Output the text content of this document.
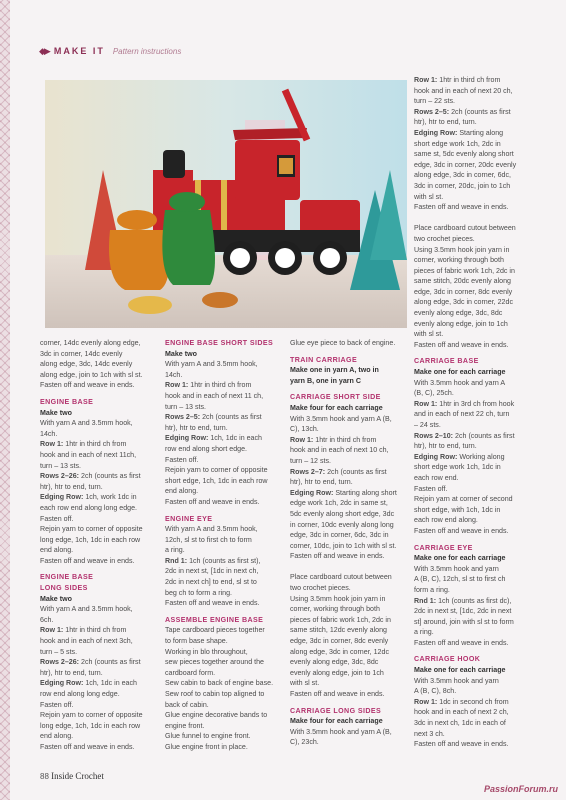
◆▶ MAKE IT Pattern instructions

corner, 14dc evenly along edge,

3dc in corner, 14dc evenly

along edge, 3dc, 14dc evenly

along edge, join to 1ch with sl st.

Fasten off and weave in ends.

ENGINE BASE

Make two

With yarn A and 3.5mm hook,

14ch.

Row 1: 1htr in third ch from

hook and in each of next 11ch,

turn – 13 sts.

Rows 2–26: 2ch (counts as first

htr), htr to end, turn.

Edging Row: 1ch, work 1dc in

each row end along long edge.

Fasten off.

Rejoin yarn to corner of opposite

long edge, 1ch, 1dc in each row

end along.

Fasten off and weave in ends.

ENGINE BASE

LONG SIDES

Make two

With yarn A and 3.5mm hook,

6ch.

Row 1: 1htr in third ch from

hook and in each of next 3ch,

turn – 5 sts.

Rows 2–26: 2ch (counts as first

htr), htr to end, turn.

Edging Row: 1ch, 1dc in each

row end along long edge.

Fasten off.

Rejoin yarn to corner of opposite

long edge, 1ch, 1dc in each row

end along.

Fasten off and weave in ends.

ENGINE BASE SHORT SIDES

Make two

With yarn A and 3.5mm hook,

14ch.

Row 1: 1htr in third ch from

hook and in each of next 11 ch,

turn – 13 sts.

Rows 2–5: 2ch (counts as first

htr), htr to end, turn.

Edging Row: 1ch, 1dc in each

row end along short edge.

Fasten off.

Rejoin yarn to corner of opposite

short edge, 1ch, 1dc in each row

end along.

Fasten off and weave in ends.

ENGINE EYE

With yarn A and 3.5mm hook,

12ch, sl st to first ch to form

a ring.

Rnd 1: 1ch (counts as first st),

2dc in next st, [1dc in next ch,

2dc in next ch] to end, sl st to

beg ch to form a ring.

Fasten off and weave in ends.

ASSEMBLE ENGINE BASE

Tape cardboard pieces together

to form base shape.

Working in blo throughout,

sew pieces together around the

cardboard form.

Sew cabin to back of engine base.

Sew roof to cabin top aligned to

back of cabin.

Glue engine decorative bands to

engine front.

Glue funnel to engine front.

Glue engine front in place.

Glue eye piece to back of engine.

TRAIN CARRIAGE

Make one in yarn A, two in

yarn B, one in yarn C

CARRIAGE SHORT SIDE

Make four for each carriage

With 3.5mm hook and yarn A (B,

C), 13ch.

Row 1: 1htr in third ch from

hook and in each of next 10 ch,

turn – 12 sts.

Rows 2–7: 2ch (counts as first

htr), htr to end, turn.

Edging Row: Starting along short

edge work 1ch, 2dc in same st,

5dc evenly along short edge, 3dc

in corner, 10dc evenly along long

edge, 3dc in corner, 6dc, 3dc in

corner, 10dc, join to 1ch with sl st.

Fasten off and weave in ends.

Place cardboard cutout between

two crochet pieces.

Using 3.5mm hook join yarn in

corner, working through both

pieces of fabric work 1ch, 2dc in

same stitch, 12dc evenly along

edge, 3dc in corner, 8dc evenly

along edge, 3dc in corner, 12dc

evenly along edge, 3dc, 8dc

evenly along edge, join to 1ch

with sl st.

Fasten off and weave in ends.

CARRIAGE LONG SIDES

Make four for each carriage

With 3.5mm hook and yarn A (B,

C), 23ch.

Row 1: 1htr in third ch from

hook and in each of next 20 ch,

turn – 22 sts.

Rows 2–5: 2ch (counts as first

htr), htr to end, turn.

Edging Row: Starting along

short edge work 1ch, 2dc in

same st, 5dc evenly along short

edge, 3dc in corner, 20dc evenly

along edge, 3dc in corner, 6dc,

3dc in corner, 20dc, join to 1ch

with sl st.

Fasten off and weave in ends.

Place cardboard cutout between

two crochet pieces.

Using 3.5mm hook join yarn in

corner, working through both

pieces of fabric work 1ch, 2dc in

same stitch, 20dc evenly along

edge, 3dc in corner, 8dc evenly

along edge, 3dc in corner, 22dc

evenly along edge, 3dc, 8dc

evenly along edge, join to 1ch

with sl st.

Fasten off and weave in ends.

CARRIAGE BASE

Make one for each carriage

With 3.5mm hook and yarn A

(B, C), 25ch.

Row 1: 1htr in 3rd ch from hook

and in each of next 22 ch, turn

– 24 sts.

Rows 2–10: 2ch (counts as first

htr), htr to end, turn.

Edging Row: Working along

short edge work 1ch, 1dc in

each row end.

Fasten off.

Rejoin yarn at corner of second

short edge, with 1ch, 1dc in

each row end along.

Fasten off and weave in ends.

CARRIAGE EYE

Make one for each carriage

With 3.5mm hook and yarn

A (B, C), 12ch, sl st to first ch

form a ring.

Rnd 1: 1ch (counts as first dc),

2dc in next st, [1dc, 2dc in next

st] around, join with sl st to form

a ring.

Fasten off and weave in ends.

CARRIAGE HOOK

Make one for each carriage

With 3.5mm hook and yarn

A (B, C), 8ch.

Row 1: 1dc in second ch from

hook and in each of next 2 ch,

3dc in next ch, 1dc in each of

next 3 ch.

Fasten off and weave in ends.

88 Inside Crochet
PassionForum.ru
